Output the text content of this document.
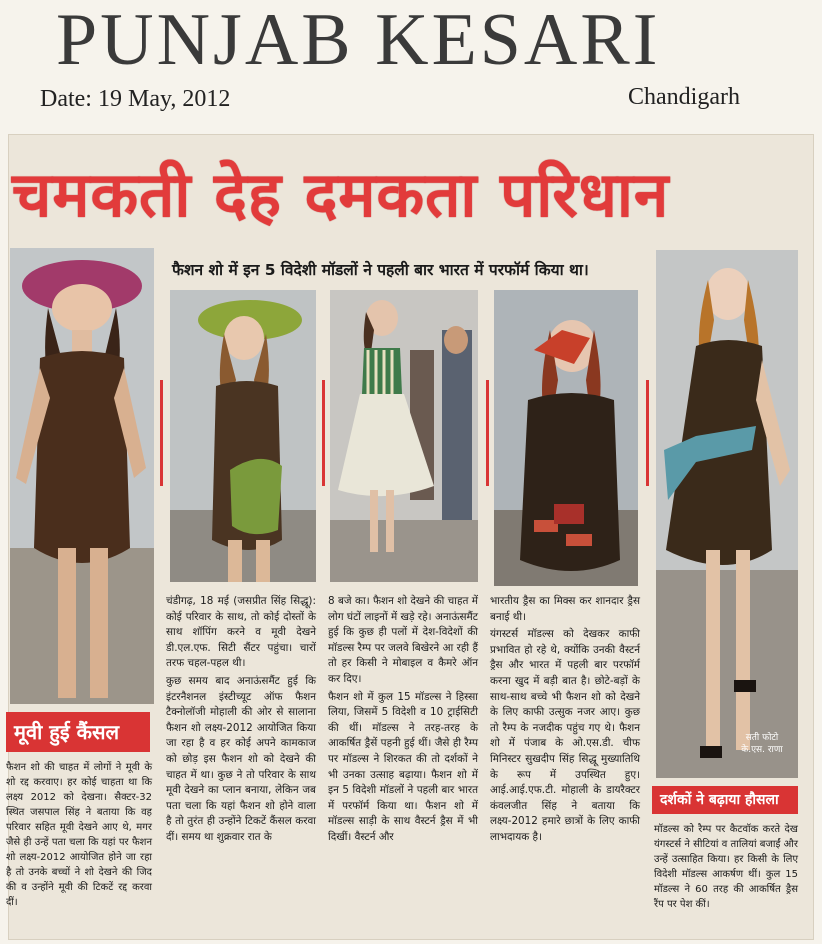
PUNJAB KESARI
Date: 19 May, 2012	Chandigarh
चमकती देह दमकता परिधान
फैशन शो में इन 5 विदेशी मॉडलों ने पहली बार भारत में परफॉर्म किया था।
सती फोटो
के.एस. राणा

चंडीगढ़, 18 मई (जसप्रीत सिंह सिद्धू): कोई परिवार के साथ, तो कोई दोस्तों के साथ शॉपिंग करने व मूवी देखने डी.एल.एफ. सिटी सैंटर पहुंचा। चारों तरफ चहल-पहल थी।

कुछ समय बाद अनाऊंसमैंट हुई कि इंटरनैशनल इंस्टीच्यूट ऑफ फैशन टैक्नोलॉजी मोहाली की ओर से सालाना फैशन शो लक्ष्य-2012 आयोजित किया जा रहा है व हर कोई अपने कामकाज को छोड़ इस फैशन शो को देखने की चाहत में था। कुछ ने तो परिवार के साथ मूवी देखने का प्लान बनाया, लेकिन जब पता चला कि यहां फैशन शो होने वाला है तो तुरंत ही उन्होंने टिकटें कैंसल करवा दीं। समय था शुक्रवार रात के

8 बजे का। फैशन शो देखने की चाहत में लोग घंटों लाइनों में खड़े रहे। अनाऊंसमैंट हुई कि कुछ ही पलों में देश-विदेशों की मॉडल्स रैम्प पर जलवे बिखेरने आ रही हैं तो हर किसी ने मोबाइल व कैमरे ऑन कर दिए।

फैशन शो में कुल 15 मॉडल्स ने हिस्सा लिया, जिसमें 5 विदेशी व 10 ट्राईसिटी की थीं। मॉडल्स ने तरह-तरह के आकर्षित ड्रैसें पहनी हुई थीं। जैसे ही रैम्प पर मॉडल्स ने शिरकत की तो दर्शकों ने भी उनका उत्साह बढ़ाया। फैशन शो में इन 5 विदेशी मॉडलों ने पहली बार भारत में परफॉर्म किया था। फैशन शो में मॉडल्स साड़ी के साथ वैस्टर्न ड्रैस में भी दिखीं। वैस्टर्न और

भारतीय ड्रैस का मिक्स कर शानदार ड्रैस बनाई थी।

यंगस्टर्स मॉडल्स को देखकर काफी प्रभावित हो रहे थे, क्योंकि उनकी वैस्टर्न ड्रैस और भारत में पहली बार परफॉर्म करना खुद में बड़ी बात है। छोटे-बड़ों के साथ-साथ बच्चे भी फैशन शो को देखने के लिए काफी उत्सुक नजर आए। कुछ तो रैम्प के नजदीक पहुंच गए थे। फैशन शो में पंजाब के ओ.एस.डी. चीफ मिनिस्टर सुखदीप सिंह सिद्धू मुख्यातिथि के रूप में उपस्थित हुए। आई.आई.एफ.टी. मोहाली के डायरैक्टर कंवलजीत सिंह ने बताया कि लक्ष्य-2012 हमारे छात्रों के लिए काफी लाभदायक है।

मूवी हुई कैंसल
फैशन शो की चाहत में लोगों ने मूवी के शो रद्द करवाए। हर कोई चाहता था कि लक्ष्य 2012 को देखना। सैक्टर-32 स्थित जसपाल सिंह ने बताया कि वह परिवार सहित मूवी देखने आए थे, मगर जैसे ही उन्हें पता चला कि यहां पर फैशन शो लक्ष्य-2012 आयोजित होने जा रहा है तो उनके बच्चों ने शो देखने की जिद की व उन्होंने मूवी की टिकटें रद्द करवा दीं।
दर्शकों ने बढ़ाया हौसला
मॉडल्स को रैम्प पर कैटवॉक करते देख यंगस्टर्स ने सीटियां व तालियां बजाईं और उन्हें उत्साहित किया। हर किसी के लिए विदेशी मॉडल्स आकर्षण थीं। कुल 15 मॉडल्स ने 60 तरह की आकर्षित ड्रैस रैंप पर पेश कीं।
